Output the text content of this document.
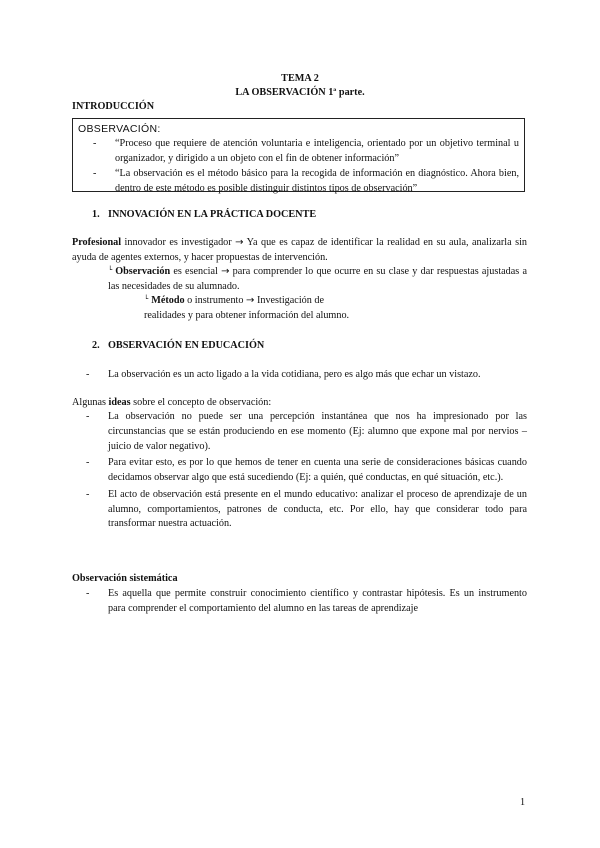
TEMA 2
LA OBSERVACIÓN 1ª parte.
INTRODUCCIÓN
OBSERVACIÓN:
- “Proceso que requiere de atención voluntaria e inteligencia, orientado por un objetivo terminal u organizador, y dirigido a un objeto con el fin de obtener información”
- “La observación es el método básico para la recogida de información en diagnóstico. Ahora bien, dentro de este método es posible distinguir distintos tipos de observación”
1. INNOVACIÓN EN LA PRÁCTICA DOCENTE
Profesional innovador es investigador → Ya que es capaz de identificar la realidad en su aula, analizarla sin ayuda de agentes externos, y hacer propuestas de intervención.
└ Observación es esencial → para comprender lo que ocurre en su clase y dar respuestas ajustadas a las necesidades de su alumnado.
└ Método o instrumento → Investigación de
realidades y para obtener información del alumno.
2. OBSERVACIÓN EN EDUCACIÓN
- La observación es un acto ligado a la vida cotidiana, pero es algo más que echar un vistazo.
Algunas ideas sobre el concepto de observación:
- La observación no puede ser una percepción instantánea que nos ha impresionado por las circunstancias que se están produciendo en ese momento (Ej: alumno que expone mal por nervios – juicio de valor negativo).
- Para evitar esto, es por lo que hemos de tener en cuenta una serie de consideraciones básicas cuando decidamos observar algo que está sucediendo (Ej: a quién, qué conductas, en qué situación, etc.).
- El acto de observación está presente en el mundo educativo: analizar el proceso de aprendizaje de un alumno, comportamientos, patrones de conducta, etc. Por ello, hay que considerar todo para transformar nuestra actuación.
Observación sistemática
- Es aquella que permite construir conocimiento científico y contrastar hipótesis. Es un instrumento para comprender el comportamiento del alumno en las tareas de aprendizaje
1
